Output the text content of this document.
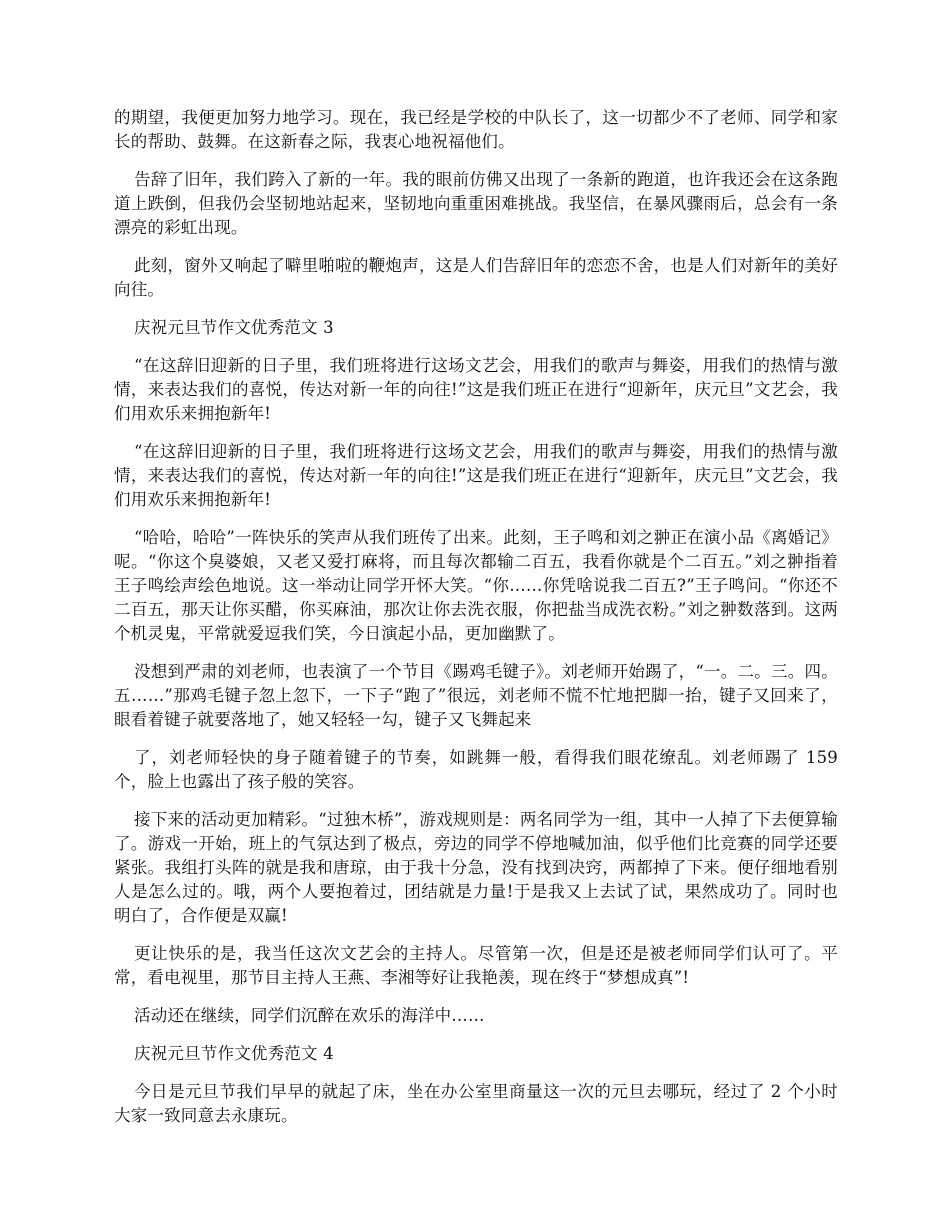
的期望，我便更加努力地学习。现在，我已经是学校的中队长了，这一切都少不了老师、同学和家长的帮助、鼓舞。在这新春之际，我衷心地祝福他们。

告辞了旧年，我们跨入了新的一年。我的眼前仿佛又出现了一条新的跑道，也许我还会在这条跑道上跌倒，但我仍会坚韧地站起来，坚韧地向重重困难挑战。我坚信，在暴风骤雨后，总会有一条漂亮的彩虹出现。

此刻，窗外又响起了噼里啪啦的鞭炮声，这是人们告辞旧年的恋恋不舍，也是人们对新年的美好向往。

庆祝元旦节作文优秀范文 3

“在这辞旧迎新的日子里，我们班将进行这场文艺会，用我们的歌声与舞姿，用我们的热情与激情，来表达我们的喜悦，传达对新一年的向往!”这是我们班正在进行“迎新年，庆元旦”文艺会，我们用欢乐来拥抱新年!

“在这辞旧迎新的日子里，我们班将进行这场文艺会，用我们的歌声与舞姿，用我们的热情与激情，来表达我们的喜悦，传达对新一年的向往!”这是我们班正在进行“迎新年，庆元旦”文艺会，我们用欢乐来拥抱新年!

“哈哈，哈哈”一阵快乐的笑声从我们班传了出来。此刻，王子鸣和刘之翀正在演小品《离婚记》呢。“你这个臭婆娘，又老又爱打麻将，而且每次都输二百五，我看你就是个二百五。”刘之翀指着王子鸣绘声绘色地说。这一举动让同学开怀大笑。“你……你凭啥说我二百五?”王子鸣问。“你还不二百五，那天让你买醋，你买麻油，那次让你去洗衣服，你把盐当成洗衣粉。”刘之翀数落到。这两个机灵鬼，平常就爱逗我们笑，今日演起小品，更加幽默了。

没想到严肃的刘老师，也表演了一个节目《踢鸡毛键子》。刘老师开始踢了，“一。二。三。四。五……”那鸡毛键子忽上忽下，一下子“跑了”很远，刘老师不慌不忙地把脚一抬，键子又回来了，眼看着键子就要落地了，她又轻轻一勾，键子又飞舞起来

了，刘老师轻快的身子随着键子的节奏，如跳舞一般，看得我们眼花缭乱。刘老师踢了 159 个，脸上也露出了孩子般的笑容。

接下来的活动更加精彩。“过独木桥”，游戏规则是：两名同学为一组，其中一人掉了下去便算输了。游戏一开始，班上的气氛达到了极点，旁边的同学不停地喊加油，似乎他们比竞赛的同学还要紧张。我组打头阵的就是我和唐琼，由于我十分急，没有找到决窍，两都掉了下来。便仔细地看别人是怎么过的。哦，两个人要抱着过，团结就是力量!于是我又上去试了试，果然成功了。同时也明白了，合作便是双赢!

更让快乐的是，我当任这次文艺会的主持人。尽管第一次，但是还是被老师同学们认可了。平常，看电视里，那节目主持人王燕、李湘等好让我艳羡，现在终于“梦想成真”!

活动还在继续，同学们沉醉在欢乐的海洋中……

庆祝元旦节作文优秀范文 4

今日是元旦节我们早早的就起了床，坐在办公室里商量这一次的元旦去哪玩，经过了 2 个小时大家一致同意去永康玩。
